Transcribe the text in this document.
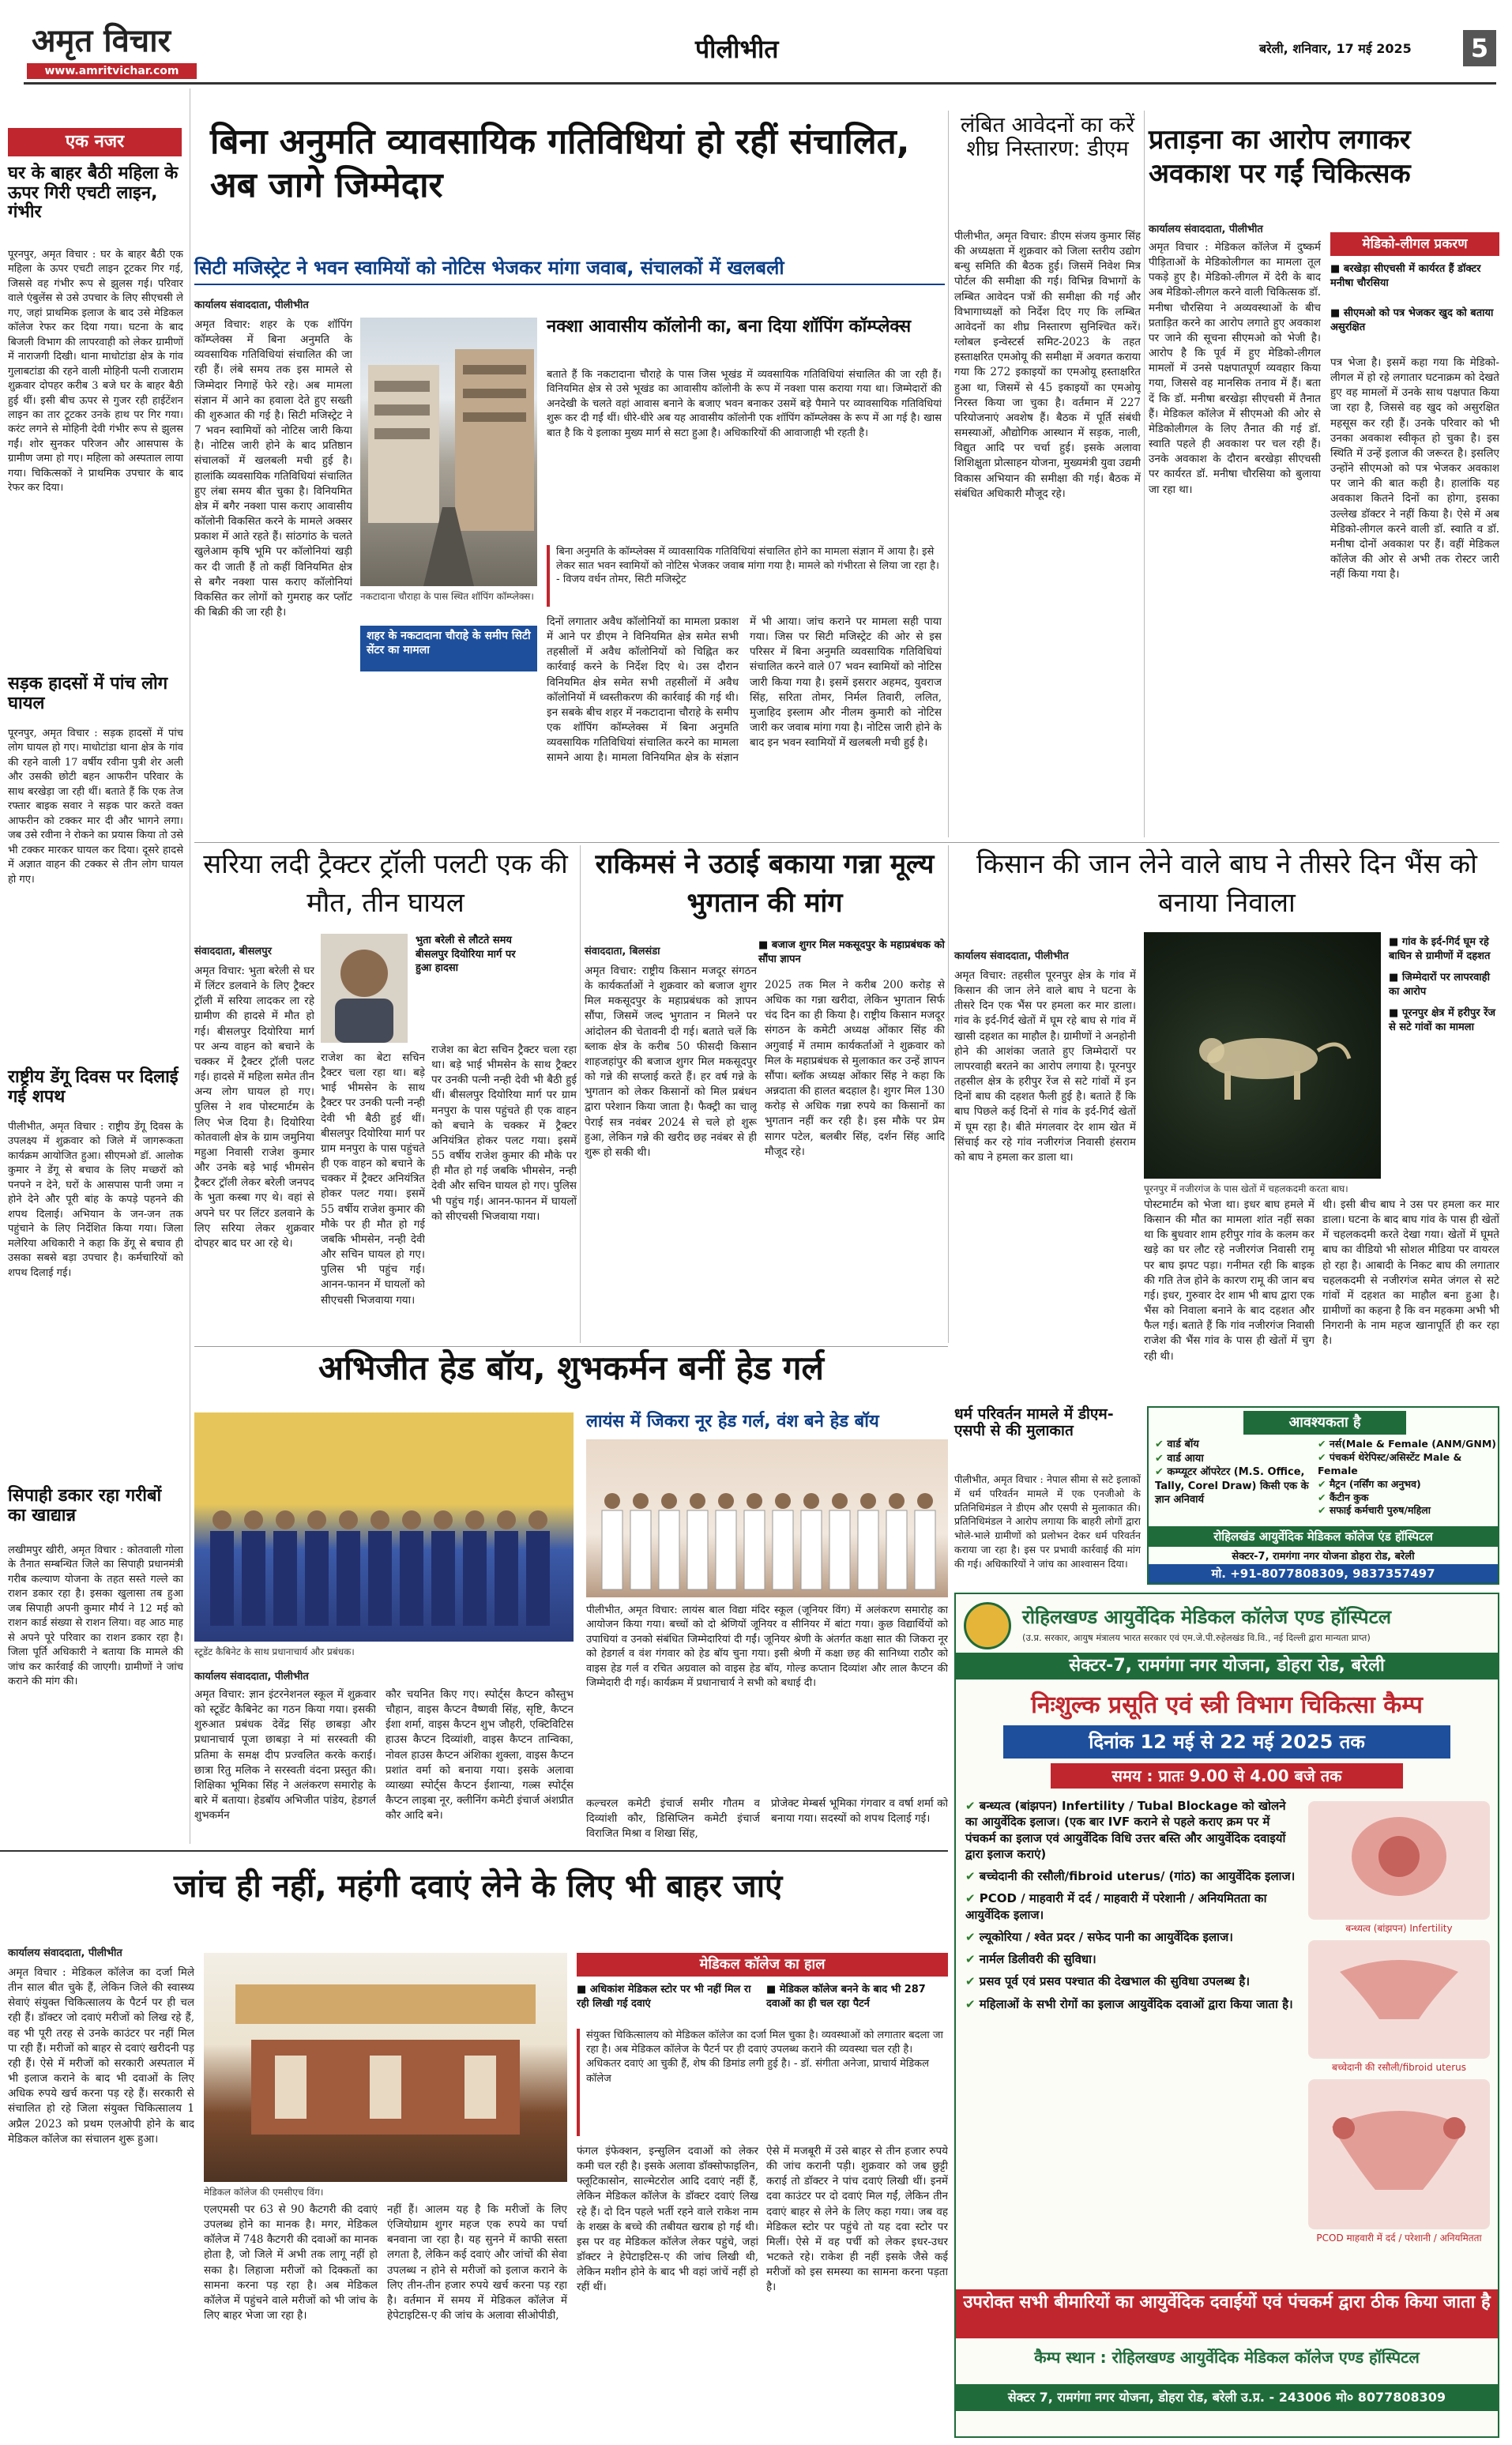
अमृत विचार
www.amritvichar.com
पीलीभीत	बरेली, शनिवार, 17 मई 2025	5
एक नजर
घर के बाहर बैठी महिला के ऊपर गिरी एचटी लाइन, गंभीर
पूरनपुर, अमृत विचार : घर के बाहर बैठी एक महिला के ऊपर एचटी लाइन टूटकर गिर गई, जिससे वह गंभीर रूप से झुलस गई। परिवार वाले एंबुलेंस से उसे उपचार के लिए सीएचसी ले गए, जहां प्राथमिक इलाज के बाद उसे मेडिकल कॉलेज रेफर कर दिया गया। घटना के बाद बिजली विभाग की लापरवाही को लेकर ग्रामीणों में नाराजगी दिखी। थाना माधोटांडा क्षेत्र के गांव गुलाबटांडा की रहने वाली मोहिनी पत्नी राजाराम शुक्रवार दोपहर करीब 3 बजे घर के बाहर बैठी हुई थीं। इसी बीच ऊपर से गुजर रही हाईटेंशन लाइन का तार टूटकर उनके हाथ पर गिर गया। करंट लगने से मोहिनी देवी गंभीर रूप से झुलस गईं। शोर सुनकर परिजन और आसपास के ग्रामीण जमा हो गए। महिला को अस्पताल लाया गया। चिकित्सकों ने प्राथमिक उपचार के बाद रेफर कर दिया।
सड़क हादसों में पांच लोग घायल
पूरनपुर, अमृत विचार : सड़क हादसों में पांच लोग घायल हो गए। माधोटांडा थाना क्षेत्र के गांव की रहने वाली 17 वर्षीय रवीना पुत्री शेर अली और उसकी छोटी बहन आफरीन परिवार के साथ बरखेड़ा जा रही थीं। बताते हैं कि एक तेज रफ्तार बाइक सवार ने सड़क पार करते वक्त आफरीन को टक्कर मार दी और भागने लगा। जब उसे रवीना ने रोकने का प्रयास किया तो उसे भी टक्कर मारकर घायल कर दिया। दूसरे हादसे में अज्ञात वाहन की टक्कर से तीन लोग घायल हो गए।
राष्ट्रीय डेंगू दिवस पर दिलाई गई शपथ
पीलीभीत, अमृत विचार : राष्ट्रीय डेंगू दिवस के उपलक्ष्य में शुक्रवार को जिले में जागरूकता कार्यक्रम आयोजित हुआ। सीएमओ डॉ. आलोक कुमार ने डेंगू से बचाव के लिए मच्छरों को पनपने न देने, घरों के आसपास पानी जमा न होने देने और पूरी बांह के कपड़े पहनने की शपथ दिलाई। अभियान के जन-जन तक पहुंचाने के लिए निर्देशित किया गया। जिला मलेरिया अधिकारी ने कहा कि डेंगू से बचाव ही उसका सबसे बड़ा उपचार है। कर्मचारियों को शपथ दिलाई गई।
सिपाही डकार रहा गरीबों का खाद्यान्न
लखीमपुर खीरी, अमृत विचार : कोतवाली गोला के तैनात सम्बन्धित जिले का सिपाही प्रधानमंत्री गरीब कल्याण योजना के तहत सस्ते गल्ले का राशन डकार रहा है। इसका खुलासा तब हुआ जब सिपाही अपनी कुमार मौर्य ने 12 मई को राशन कार्ड संख्या से राशन लिया। वह आठ माह से अपने पूरे परिवार का राशन डकार रहा है। जिला पूर्ति अधिकारी ने बताया कि मामले की जांच कर कार्रवाई की जाएगी। ग्रामीणों ने जांच कराने की मांग की।
बिना अनुमति व्यावसायिक गतिविधियां हो रहीं संचालित, अब जागे जिम्मेदार
सिटी मजिस्ट्रेट ने भवन स्वामियों को नोटिस भेजकर मांगा जवाब, संचालकों में खलबली
कार्यालय संवाददाता, पीलीभीत
अमृत विचार: शहर के एक शॉपिंग कॉम्प्लेक्स में बिना अनुमति के व्यवसायिक गतिविधियां संचालित की जा रही हैं। लंबे समय तक इस मामले से जिम्मेदार निगाहें फेरे रहे। अब मामला संज्ञान में आने का हवाला देते हुए सख्ती की शुरुआत की गई है। सिटी मजिस्ट्रेट ने 7 भवन स्वामियों को नोटिस जारी किया है। नोटिस जारी होने के बाद प्रतिष्ठान संचालकों में खलबली मची हुई है। हालांकि व्यवसायिक गतिविधियां संचालित हुए लंबा समय बीत चुका है। विनियमित क्षेत्र में बगैर नक्शा पास कराए आवासीय कॉलोनी विकसित करने के मामले अक्सर प्रकाश में आते रहते हैं। सांठगांठ के चलते खुलेआम कृषि भूमि पर कॉलोनियां खड़ी कर दी जाती हैं तो कहीं विनियमित क्षेत्र से बगैर नक्शा पास कराए कॉलोनियां विकसित कर लोगों को गुमराह कर प्लॉट की बिक्री की जा रही है।
नकटादाना चौराहा के पास स्थित शॉपिंग कॉम्प्लेक्स।
शहर के नकटादाना चौराहे के समीप सिटी सेंटर का मामला
नक्शा आवासीय कॉलोनी का, बना दिया शॉपिंग कॉम्प्लेक्स
बताते हैं कि नकटादाना चौराहे के पास जिस भूखंड में व्यवसायिक गतिविधियां संचालित की जा रही हैं। विनियमित क्षेत्र से उसे भूखंड का आवासीय कॉलोनी के रूप में नक्शा पास कराया गया था। जिम्मेदारों की अनदेखी के चलते वहां आवास बनाने के बजाए भवन बनाकर उसमें बड़े पैमाने पर व्यावसायिक गतिविधियां शुरू कर दी गईं थीं। धीरे-धीरे अब यह आवासीय कॉलोनी एक शॉपिंग कॉम्प्लेक्स के रूप में आ गई है। खास बात है कि ये इलाका मुख्य मार्ग से सटा हुआ है। अधिकारियों की आवाजाही भी रहती है।
बिना अनुमति के कॉम्प्लेक्स में व्यावसायिक गतिविधियां संचालित होने का मामला संज्ञान में आया है। इसे लेकर सात भवन स्वामियों को नोटिस भेजकर जवाब मांगा गया है। मामले को गंभीरता से लिया जा रहा है। - विजय वर्धन तोमर, सिटी मजिस्ट्रेट
दिनों लगातार अवैध कॉलोनियों का मामला प्रकाश में आने पर डीएम ने विनियमित क्षेत्र समेत सभी तहसीलों में अवैध कॉलोनियों को चिह्नित कर कार्रवाई करने के निर्देश दिए थे। उस दौरान विनियमित क्षेत्र समेत सभी तहसीलों में अवैध कॉलोनियों में ध्वस्तीकरण की कार्रवाई की गई थी। इन सबके बीच शहर में नकटादाना चौराहे के समीप एक शॉपिंग कॉम्प्लेक्स में बिना अनुमति व्यवसायिक गतिविधियां संचालित करने का मामला सामने आया है। मामला विनियमित क्षेत्र के संज्ञान में भी आया। जांच कराने पर मामला सही पाया गया। जिस पर सिटी मजिस्ट्रेट की ओर से इस परिसर में बिना अनुमति व्यवसायिक गतिविधियां संचालित करने वाले 07 भवन स्वामियों को नोटिस जारी किया गया है। इसमें इसरार अहमद, युवराज सिंह, सरिता तोमर, निर्मल तिवारी, ललित, मुजाहिद इस्लाम और नीलम कुमारी को नोटिस जारी कर जवाब मांगा गया है। नोटिस जारी होने के बाद इन भवन स्वामियों में खलबली मची हुई है।
लंबित आवेदनों का करें शीघ्र निस्तारण: डीएम
पीलीभीत, अमृत विचार: डीएम संजय कुमार सिंह की अध्यक्षता में शुक्रवार को जिला स्तरीय उद्योग बन्धु समिति की बैठक हुई। जिसमें निवेश मित्र पोर्टल की समीक्षा की गई। विभिन्न विभागों के लम्बित आवेदन पत्रों की समीक्षा की गई और विभागाध्यक्षों को निर्देश दिए गए कि लम्बित आवेदनों का शीघ्र निस्तारण सुनिश्चित करें। ग्लोबल इन्वेस्टर्स समिट-2023 के तहत हस्ताक्षरित एमओयू की समीक्षा में अवगत कराया गया कि 272 इकाइयों का एमओयू हस्ताक्षरित हुआ था, जिसमें से 45 इकाइयों का एमओयू निरस्त किया जा चुका है। वर्तमान में 227 परियोजनाएं अवशेष हैं। बैठक में पूर्ति संबंधी समस्याओं, औद्योगिक आस्थान में सड़क, नाली, विद्युत आदि पर चर्चा हुई। इसके अलावा शिशिक्षुता प्रोत्साहन योजना, मुख्यमंत्री युवा उद्यमी विकास अभियान की समीक्षा की गई। बैठक में संबंधित अधिकारी मौजूद रहे।
प्रताड़ना का आरोप लगाकर अवकाश पर गईं चिकित्सक
कार्यालय संवाददाता, पीलीभीत
अमृत विचार : मेडिकल कॉलेज में दुष्कर्म पीड़िताओं के मेडिकोलीगल का मामला तूल पकड़े हुए है। मेडिको-लीगल में देरी के बाद अब मेडिको-लीगल करने वाली चिकित्सक डॉ. मनीषा चौरसिया ने अव्यवस्थाओं के बीच प्रताड़ित करने का आरोप लगाते हुए अवकाश पर जाने की सूचना सीएमओ को भेजी है। आरोप है कि पूर्व में हुए मेडिको-लीगल मामलों में उनसे पक्षपातपूर्ण व्यवहार किया गया, जिससे वह मानसिक तनाव में हैं। बता दें कि डॉ. मनीषा बरखेड़ा सीएचसी में तैनात हैं। मेडिकल कॉलेज में सीएमओ की ओर से मेडिकोलीगल के लिए तैनात की गई डॉ. स्वाति पहले ही अवकाश पर चल रही हैं। उनके अवकाश के दौरान बरखेड़ा सीएचसी पर कार्यरत डॉ. मनीषा चौरसिया को बुलाया जा रहा था।
मेडिको-लीगल प्रकरण
■ बरखेड़ा सीएचसी में कार्यरत हैं डॉक्टर मनीषा चौरसिया
■ सीएमओ को पत्र भेजकर खुद को बताया असुरक्षित
पत्र भेजा है। इसमें कहा गया कि मेडिको-लीगल में हो रहे लगातार घटनाक्रम को देखते हुए वह मामलों में उनके साथ पक्षपात किया जा रहा है, जिससे वह खुद को असुरक्षित महसूस कर रही हैं। उनके परिवार को भी उनका अवकाश स्वीकृत हो चुका है। इस स्थिति में उन्हें इलाज की जरूरत है। इसलिए उन्होंने सीएमओ को पत्र भेजकर अवकाश पर जाने की बात कही है। हालांकि यह अवकाश कितने दिनों का होगा, इसका उल्लेख डॉक्टर ने नहीं किया है। ऐसे में अब मेडिको-लीगल करने वाली डॉ. स्वाति व डॉ. मनीषा दोनों अवकाश पर हैं। वहीं मेडिकल कॉलेज की ओर से अभी तक रोस्टर जारी नहीं किया गया है।
सरिया लदी ट्रैक्टर ट्रॉली पलटी एक की मौत, तीन घायल
संवाददाता, बीसलपुर
भुता बरेली से लौटते समय बीसलपुर दियोरिया मार्ग पर हुआ हादसा
अमृत विचार: भुता बरेली से घर में लिंटर डलवाने के लिए ट्रैक्टर ट्रॉली में सरिया लादकर ला रहे ग्रामीण की हादसे में मौत हो गई। बीसलपुर दियोरिया मार्ग पर अन्य वाहन को बचाने के चक्कर में ट्रैक्टर ट्रॉली पलट गई। हादसे में महिला समेत तीन अन्य लोग घायल हो गए। पुलिस ने शव पोस्टमार्टम के लिए भेज दिया है। दियोरिया कोतवाली क्षेत्र के ग्राम जमुनिया महुआ निवासी राजेश कुमार और उनके बड़े भाई भीमसेन ट्रैक्टर ट्रॉली लेकर बरेली जनपद के भुता कस्बा गए थे। वहां से अपने घर पर लिंटर डलवाने के लिए सरिया लेकर शुक्रवार दोपहर बाद घर आ रहे थे।
राजेश का बेटा सचिन ट्रैक्टर चला रहा था। बड़े भाई भीमसेन के साथ ट्रैक्टर पर उनकी पत्नी नन्ही देवी भी बैठी हुई थीं। बीसलपुर दियोरिया मार्ग पर ग्राम मनपुरा के पास पहुंचते ही एक वाहन को बचाने के चक्कर में ट्रैक्टर अनियंत्रित होकर पलट गया। इसमें 55 वर्षीय राजेश कुमार की मौके पर ही मौत हो गई जबकि भीमसेन, नन्ही देवी और सचिन घायल हो गए। पुलिस भी पहुंच गई। आनन-फानन में घायलों को सीएचसी भिजवाया गया।
राजेश का बेटा सचिन ट्रैक्टर चला रहा था। बड़े भाई भीमसेन के साथ ट्रैक्टर पर उनकी पत्नी नन्ही देवी भी बैठी हुई थीं। बीसलपुर दियोरिया मार्ग पर ग्राम मनपुरा के पास पहुंचते ही एक वाहन को बचाने के चक्कर में ट्रैक्टर अनियंत्रित होकर पलट गया। इसमें 55 वर्षीय राजेश कुमार की मौके पर ही मौत हो गई जबकि भीमसेन, नन्ही देवी और सचिन घायल हो गए। पुलिस भी पहुंच गई। आनन-फानन में घायलों को सीएचसी भिजवाया गया।
राकिमसं ने उठाई बकाया गन्ना मूल्य भुगतान की मांग
संवाददाता, बिलसंडा
■ बजाज शुगर मिल मकसूदपुर के महाप्रबंधक को सौंपा ज्ञापन
अमृत विचार: राष्ट्रीय किसान मजदूर संगठन के कार्यकर्ताओं ने शुक्रवार को बजाज शुगर मिल मकसूदपुर के महाप्रबंधक को ज्ञापन सौंपा, जिसमें जल्द भुगतान न मिलने पर आंदोलन की चेतावनी दी गई। बताते चलें कि ब्लाक क्षेत्र के करीब 50 फीसदी किसान शाहजहांपुर की बजाज शुगर मिल मकसूदपुर को गन्ने की सप्लाई करते हैं। हर वर्ष गन्ने के भुगतान को लेकर किसानों को मिल प्रबंधन द्वारा परेशान किया जाता है। फैक्ट्री का चालू पेराई सत्र नवंबर 2024 से चले हो शुरू हुआ, लेकिन गन्ने की खरीद छह नवंबर से ही शुरू हो सकी थी।
2025 तक मिल ने करीब 200 करोड़ से अधिक का गन्ना खरीदा, लेकिन भुगतान सिर्फ चंद दिन का ही किया है। राष्ट्रीय किसान मजदूर संगठन के कमेटी अध्यक्ष ओंकार सिंह की अगुवाई में तमाम कार्यकर्ताओं ने शुक्रवार को मिल के महाप्रबंधक से मुलाकात कर उन्हें ज्ञापन सौंपा। ब्लॉक अध्यक्ष ओंकार सिंह ने कहा कि अन्नदाता की हालत बदहाल है। शुगर मिल 130 करोड़ से अधिक गन्ना रुपये का किसानों का भुगतान नहीं कर रही है। इस मौके पर प्रेम सागर पटेल, बलबीर सिंह, दर्शन सिंह आदि मौजूद रहे।
किसान की जान लेने वाले बाघ ने तीसरे दिन भैंस को बनाया निवाला
कार्यालय संवाददाता, पीलीभीत
पूरनपुर में नजीरगंज के पास खेतों में चहलकदमी करता बाघ।
■ गांव के इर्द-गिर्द घूम रहे बाघिन से ग्रामीणों में दहशत
■ जिम्मेदारों पर लापरवाही का आरोप
■ पूरनपुर क्षेत्र में हरीपुर रेंज से सटे गांवों का मामला
अमृत विचार: तहसील पूरनपुर क्षेत्र के गांव में किसान की जान लेने वाले बाघ ने घटना के तीसरे दिन एक भैंस पर हमला कर मार डाला। गांव के इर्द-गिर्द खेतों में घूम रहे बाघ से गांव में खासी दहशत का माहौल है। ग्रामीणों ने अनहोनी होने की आशंका जताते हुए जिम्मेदारों पर लापरवाही बरतने का आरोप लगाया है। पूरनपुर तहसील क्षेत्र के हरीपुर रेंज से सटे गांवों में इन दिनों बाघ की दहशत फैली हुई है। बताते हैं कि बाघ पिछले कई दिनों से गांव के इर्द-गिर्द खेतों में घूम रहा है। बीते मंगलवार देर शाम खेत में सिंचाई कर रहे गांव नजीरगंज निवासी हंसराम को बाघ ने हमला कर डाला था।
पोस्टमार्टम को भेजा था। इधर बाघ हमले में किसान की मौत का मामला शांत नहीं सका था कि बुधवार शाम हरीपुर गांव के कलम कर खड़े का घर लौट रहे नजीरगंज निवासी रामू पर बाघ झपट पड़ा। गनीमत रही कि बाइक की गति तेज होने के कारण रामू की जान बच गई। इधर, गुरुवार देर शाम भी बाघ द्वारा एक भैंस को निवाला बनाने के बाद दहशत और फैल गई। बताते हैं कि गांव नजीरगंज निवासी राजेश की भैंस गांव के पास ही खेतों में चुग रही थी।
थी। इसी बीच बाघ ने उस पर हमला कर मार डाला। घटना के बाद बाघ गांव के पास ही खेतों में चहलकदमी करते देखा गया। खेतों में घूमते बाघ का वीडियो भी सोशल मीडिया पर वायरल हो रहा है। आबादी के निकट बाघ की लगातार चहलकदमी से नजीरगंज समेत जंगल से सटे गांवों में दहशत का माहौल बना हुआ है। ग्रामीणों का कहना है कि वन महकमा अभी भी निगरानी के नाम महज खानापूर्ति ही कर रहा है।
अभिजीत हेड बॉय, शुभकर्मन बनीं हेड गर्ल
स्टूडेंट कैबिनेट के साथ प्रधानाचार्य और प्रबंधक।
कार्यालय संवाददाता, पीलीभीत
अमृत विचार: ज्ञान इंटरनेशनल स्कूल में शुक्रवार को स्टूडेंट कैबिनेट का गठन किया गया। इसकी शुरुआत प्रबंधक देवेंद्र सिंह छाबड़ा और प्रधानाचार्य पूजा छाबड़ा ने मां सरस्वती की प्रतिमा के समक्ष दीप प्रज्वलित करके कराई। छात्रा रितु मलिक ने सरस्वती वंदना प्रस्तुत की। शिक्षिका भूमिका सिंह ने अलंकरण समारोह के बारे में बताया। हेडबॉय अभिजीत पांडेय, हेडगर्ल शुभकर्मन
कौर चयनित किए गए। स्पोर्ट्स कैप्टन कौस्तुभ चौहान, वाइस कैप्टन वैष्णवी सिंह, सृष्टि, कैप्टन ईशा शर्मा, वाइस कैप्टन शुभ जौहरी, एक्टिविटिस हाउस कैप्टन दिव्यांशी, वाइस कैप्टन तान्विका, नोवल हाउस कैप्टन अंशिका शुक्ला, वाइस कैप्टन प्रशांत वर्मा को बनाया गया। इसके अलावा व्याख्या स्पोर्ट्स कैप्टन ईशान्या, गल्र्स स्पोर्ट्स कैप्टन लाइबा नूर, क्लीनिंग कमेटी इंचार्ज अंशप्रीत कौर आदि बने।
लायंस में जिकरा नूर हेड गर्ल, वंश बने हेड बॉय
पीलीभीत, अमृत विचार: लायंस बाल विद्या मंदिर स्कूल (जूनियर विंग) में अलंकरण समारोह का आयोजन किया गया। बच्चों को दो श्रेणियों जूनियर व सीनियर में बांटा गया। कुछ विद्यार्थियों को उपाधियां व उनको संबंधित जिम्मेदारियां दी गईं। जूनियर श्रेणी के अंतर्गत कक्षा सात की जिकरा नूर को हेडगर्ल व वंश गंगवार को हेड बॉय चुना गया। इसी श्रेणी में कक्षा छह की सानिध्या राठौर को वाइस हेड गर्ल व रचित अग्रवाल को वाइस हेड बॉय, गोल्ड कप्तान दिव्यांश और लाल कैप्टन की जिम्मेदारी दी गई। कार्यक्रम में प्रधानाचार्य ने सभी को बधाई दी।
कल्चरल कमेटी इंचार्ज समीर गौतम व दिव्यांशी कौर, डिसिप्लिन कमेटी इंचार्ज विराजित मिश्रा व शिखा सिंह,
प्रोजेक्ट मेम्बर्स भूमिका गंगवार व वर्षा शर्मा को बनाया गया। सदस्यों को शपथ दिलाई गई।
धर्म परिवर्तन मामले में डीएम-एसपी से की मुलाकात
पीलीभीत, अमृत विचार : नेपाल सीमा से सटे इलाकों में धर्म परिवर्तन मामले में एक एनजीओ के प्रतिनिधिमंडल ने डीएम और एसपी से मुलाकात की। प्रतिनिधिमंडल ने आरोप लगाया कि बाहरी लोगों द्वारा भोले-भाले ग्रामीणों को प्रलोभन देकर धर्म परिवर्तन कराया जा रहा है। इस पर प्रभावी कार्रवाई की मांग की गई। अधिकारियों ने जांच का आश्वासन दिया।
आवश्यकता है
✔ वार्ड बॉय
✔ वार्ड आया
✔ कम्प्यूटर ऑपरेटर (M.S. Office, Tally, Corel Draw) किसी एक के ज्ञान अनिवार्य
✔ नर्स(Male & Female (ANM/GNM)
✔ पंचकर्म थेरेपिस्ट/असिस्टेंट Male & Female
✔ मैट्रन (नर्सिंग का अनुभव)
✔ कैंटीन कुक
✔ सफाई कर्मचारी पुरुष/महिला
रोहिलखंड आयुर्वेदिक मेडिकल कॉलेज एंड हॉस्पिटल
सेक्टर-7, रामगंगा नगर योजना डोहरा रोड, बरेली
मो. +91-8077808309, 9837357497
रोहिलखण्ड आयुर्वेदिक मेडिकल कॉलेज एण्ड हॉस्पिटल
(उ.प्र. सरकार, आयुष मंत्रालय भारत सरकार एवं एम.जे.पी.रुहेलखंड वि.वि., नई दिल्ली द्वारा मान्यता प्राप्त)
सेक्टर-7, रामगंगा नगर योजना, डोहरा रोड, बरेली
निःशुल्क प्रसूति एवं स्त्री विभाग चिकित्सा कैम्प
दिनांक 12 मई से 22 मई 2025 तक
समय : प्रातः 9.00 से 4.00 बजे तक
✔ बन्ध्यत्व (बांझपन) Infertility / Tubal Blockage को खोलने का आयुर्वेदिक इलाज। (एक बार IVF कराने से पहले कराए क्रम पर में पंचकर्म का इलाज एवं आयुर्वेदिक विधि उत्तर बस्ति और आयुर्वेदिक दवाइयों द्वारा इलाज कराएं)
✔ बच्चेदानी की रसौली/fibroid uterus/ (गांठ) का आयुर्वेदिक इलाज।
✔ PCOD / माहवारी में दर्द / माहवारी में परेशानी / अनियमितता का आयुर्वेदिक इलाज।
✔ ल्यूकोरिया / श्वेत प्रदर / सफेद पानी का आयुर्वेदिक इलाज।
✔ नार्मल डिलीवरी की सुविधा।
✔ प्रसव पूर्व एवं प्रसव पश्चात की देखभाल की सुविधा उपलब्ध है।
✔ महिलाओं के सभी रोगों का इलाज आयुर्वेदिक दवाओं द्वारा किया जाता है।
बन्ध्यत्व (बांझपन) Infertility
बच्चेदानी की रसौली/fibroid uterus
PCOD माहवारी में दर्द / परेशानी / अनियमितता
उपरोक्त सभी बीमारियों का आयुर्वेदिक दवाईयों एवं पंचकर्म द्वारा ठीक किया जाता है
कैम्प स्थान : रोहिलखण्ड आयुर्वेदिक मेडिकल कॉलेज एण्ड हॉस्पिटल
सेक्टर 7, रामगंगा नगर योजना, डोहरा रोड, बरेली उ.प्र. - 243006 मो० 8077808309
जांच ही नहीं, महंगी दवाएं लेने के लिए भी बाहर जाएं
कार्यालय संवाददाता, पीलीभीत
अमृत विचार : मेडिकल कॉलेज का दर्जा मिले तीन साल बीत चुके हैं, लेकिन जिले की स्वास्थ्य सेवाएं संयुक्त चिकित्सालय के पैटर्न पर ही चल रही हैं। डॉक्टर जो दवाएं मरीजों को लिख रहे हैं, वह भी पूरी तरह से उनके काउंटर पर नहीं मिल पा रही हैं। मरीजों को बाहर से दवाएं खरीदनी पड़ रही हैं। ऐसे में मरीजों को सरकारी अस्पताल में भी इलाज कराने के बाद भी दवाओं के लिए अधिक रुपये खर्च करना पड़ रहे हैं। सरकारी से संचालित हो रहे जिला संयुक्त चिकित्सालय 1 अप्रैल 2023 को प्रथम एलओपी होने के बाद मेडिकल कॉलेज का संचालन शुरू हुआ।
मेडिकल कॉलेज की एमसीएच विंग।
मेडिकल कॉलेज का हाल
■ अधिकांश मेडिकल स्टोर पर भी नहीं मिल रा रही लिखी गई दवाएं
■ मेडिकल कॉलेज बनने के बाद भी 287 दवाओं का ही चल रहा पैटर्न
संयुक्त चिकित्सालय को मेडिकल कॉलेज का दर्जा मिल चुका है। व्यवस्थाओं को लगातार बदला जा रहा है। अब मेडिकल कॉलेज के पैटर्न पर ही दवाएं उपलब्ध कराने की व्यवस्था चल रही है। अधिकतर दवाएं आ चुकी हैं, शेष की डिमांड लगी हुई है। - डॉ. संगीता अनेजा, प्राचार्य मेडिकल कॉलेज
एलएमसी पर 63 से 90 कैटगरी की दवाएं उपलब्ध होने का मानक है। मगर, मेडिकल कॉलेज में 748 कैटगरी की दवाओं का मानक होता है, जो जिले में अभी तक लागू नहीं हो सका है। लिहाजा मरीजों को दिक्कतों का सामना करना पड़ रहा है। अब मेडिकल कॉलेज में पहुंचने वाले मरीजों को भी जांच के लिए बाहर भेजा जा रहा है।
नहीं हैं। आलम यह है कि मरीजों के लिए एंजियोग्राम शुगर महज एक रुपये का पर्चा बनवाना जा रहा है। यह सुनने में काफी सस्ता लगता है, लेकिन कई दवाएं और जांचों की सेवा उपलब्ध न होने से मरीजों को इलाज कराने के लिए तीन-तीन हजार रुपये खर्च करना पड़ रहा है। वर्तमान में समय में मेडिकल कॉलेज में हेपेटाइटिस-ए की जांच के अलावा सीओपीडी,
फंगल इंफेक्शन, इन्सुलिन दवाओं को लेकर कमी चल रही है। इसके अलावा डॉक्सोफाइलिन, फ्लूटिकासोन, साल्मेटरोल आदि दवाएं नहीं हैं, लेकिन मेडिकल कॉलेज के डॉक्टर दवाएं लिख रहे हैं। दो दिन पहले भर्ती रहने वाले राकेश नाम के शख्स के बच्चे की तबीयत खराब हो गई थी। इस पर वह मेडिकल कॉलेज लेकर पहुंचे, जहां डॉक्टर ने हेपेटाइटिस-ए की जांच लिखी थी, लेकिन मशीन होने के बाद भी वहां जांचें नहीं हो रहीं थीं।
ऐसे में मजबूरी में उसे बाहर से तीन हजार रुपये की जांच करानी पड़ी। शुक्रवार को जब छुट्टी कराई तो डॉक्टर ने पांच दवाएं लिखी थीं। इनमें दवा काउंटर पर दो दवाएं मिल गईं, लेकिन तीन दवाएं बाहर से लेने के लिए कहा गया। जब वह मेडिकल स्टोर पर पहुंचे तो यह दवा स्टोर पर मिलीं। ऐसे में वह पर्ची को लेकर इधर-उधर भटकते रहे। राकेश ही नहीं इसके जैसे कई मरीजों को इस समस्या का सामना करना पड़ता है।
